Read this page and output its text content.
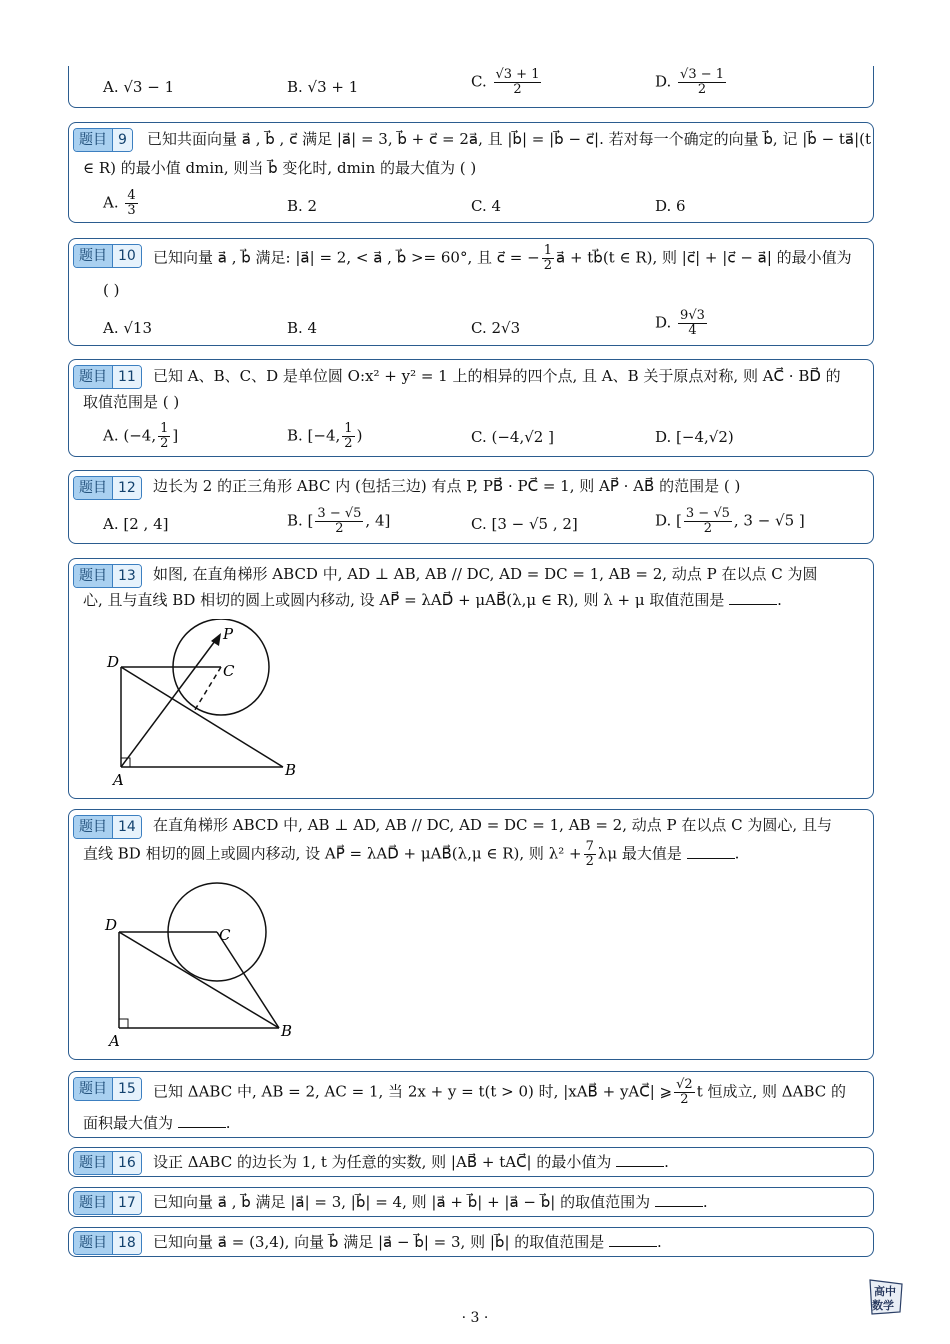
A. √3 − 1	B. √3 + 1	C. $\frac{√3 + 1}{2}$	D. $\frac{√3 - 1}{2}$
题目 9	已知共面向量 a⃗ , b⃗ , c⃗ 满足 |a⃗| = 3, b⃗ + c⃗ = 2a⃗, 且 |b⃗| = |b⃗ − c⃗|. 若对每一个确定的向量 b⃗, 记 |b⃗ − ta⃗|(t
∈ R) 的最小值 dmin, 则当 b⃗ 变化时, dmin 的最大值为 ( )
A. $\frac{4}{3}$	B. 2	C. 4	D. 6
题目 10	已知向量 a⃗ , b⃗ 满足: |a⃗| = 2, < a⃗ , b⃗ >= 60°, 且 c⃗ = − $\frac{1}{2}$ a⃗ + tb⃗(t ∈ R), 则 |c⃗| + |c⃗ − a⃗| 的最小值为
( )
A. √13	B. 4	C. 2√3	D. $\frac{9√3}{4}$
题目 11	已知 A、B、C、D 是单位圆 O:x² + y² = 1 上的相异的四个点, 且 A、B 关于原点对称, 则 AC⃗ · BD⃗ 的
取值范围是 ( )
A. (−4, $\frac{1}{2}$ ]	B. [−4, $\frac{1}{2}$ )	C. (−4,√2 ]	D. [−4,√2)
题目 12	边长为 2 的正三角形 ABC 内 (包括三边) 有点 P, PB⃗ · PC⃗ = 1, 则 AP⃗ · AB⃗ 的范围是 ( )
A. [2 , 4]	B. [ $\frac{3 - √5}{2}$ , 4]	C. [3 − √5 , 2]	D. [ $\frac{3 - √5}{2}$ , 3 − √5 ]
题目 13	如图, 在直角梯形 ABCD 中, AD ⊥ AB, AB // DC, AD = DC = 1, AB = 2, 动点 P 在以点 C 为圆
心, 且与直线 BD 相切的圆上或圆内移动, 设 AP⃗ = λAD⃗ + μAB⃗(λ,μ ∈ R), 则 λ + μ 取值范围是	.
P
D	C
A
B
题目 14	在直角梯形 ABCD 中, AB ⊥ AD, AB // DC, AD = DC = 1, AB = 2, 动点 P 在以点 C 为圆心, 且与
直线 BD 相切的圆上或圆内移动, 设 AP⃗ = λAD⃗ + μAB⃗(λ,μ ∈ R), 则 $\lambda^2 + \frac{7}{2}$ λμ 最大值是	.
D
C
A
B
题目 15	已知 ΔABC 中, AB = 2, AC = 1, 当 2x + y = t(t > 0) 时, |xAB⃗ + yAC⃗| ⩾ $\frac{√2}{2}$ t 恒成立, 则 ΔABC 的
面积最大值为	.
题目 16	设正 ΔABC 的边长为 1, t 为任意的实数, 则 |AB⃗ + tAC⃗| 的最小值为	.
题目 17	已知向量 a⃗ , b⃗ 满足 |a⃗| = 3, |b⃗| = 4, 则 |a⃗ + b⃗| + |a⃗ − b⃗| 的取值范围为	.
题目 18	已知向量 a⃗ = (3,4), 向量 b⃗ 满足 |a⃗ − b⃗| = 3, 则 |b⃗| 的取值范围是	.
高中
数学
· 3 ·
